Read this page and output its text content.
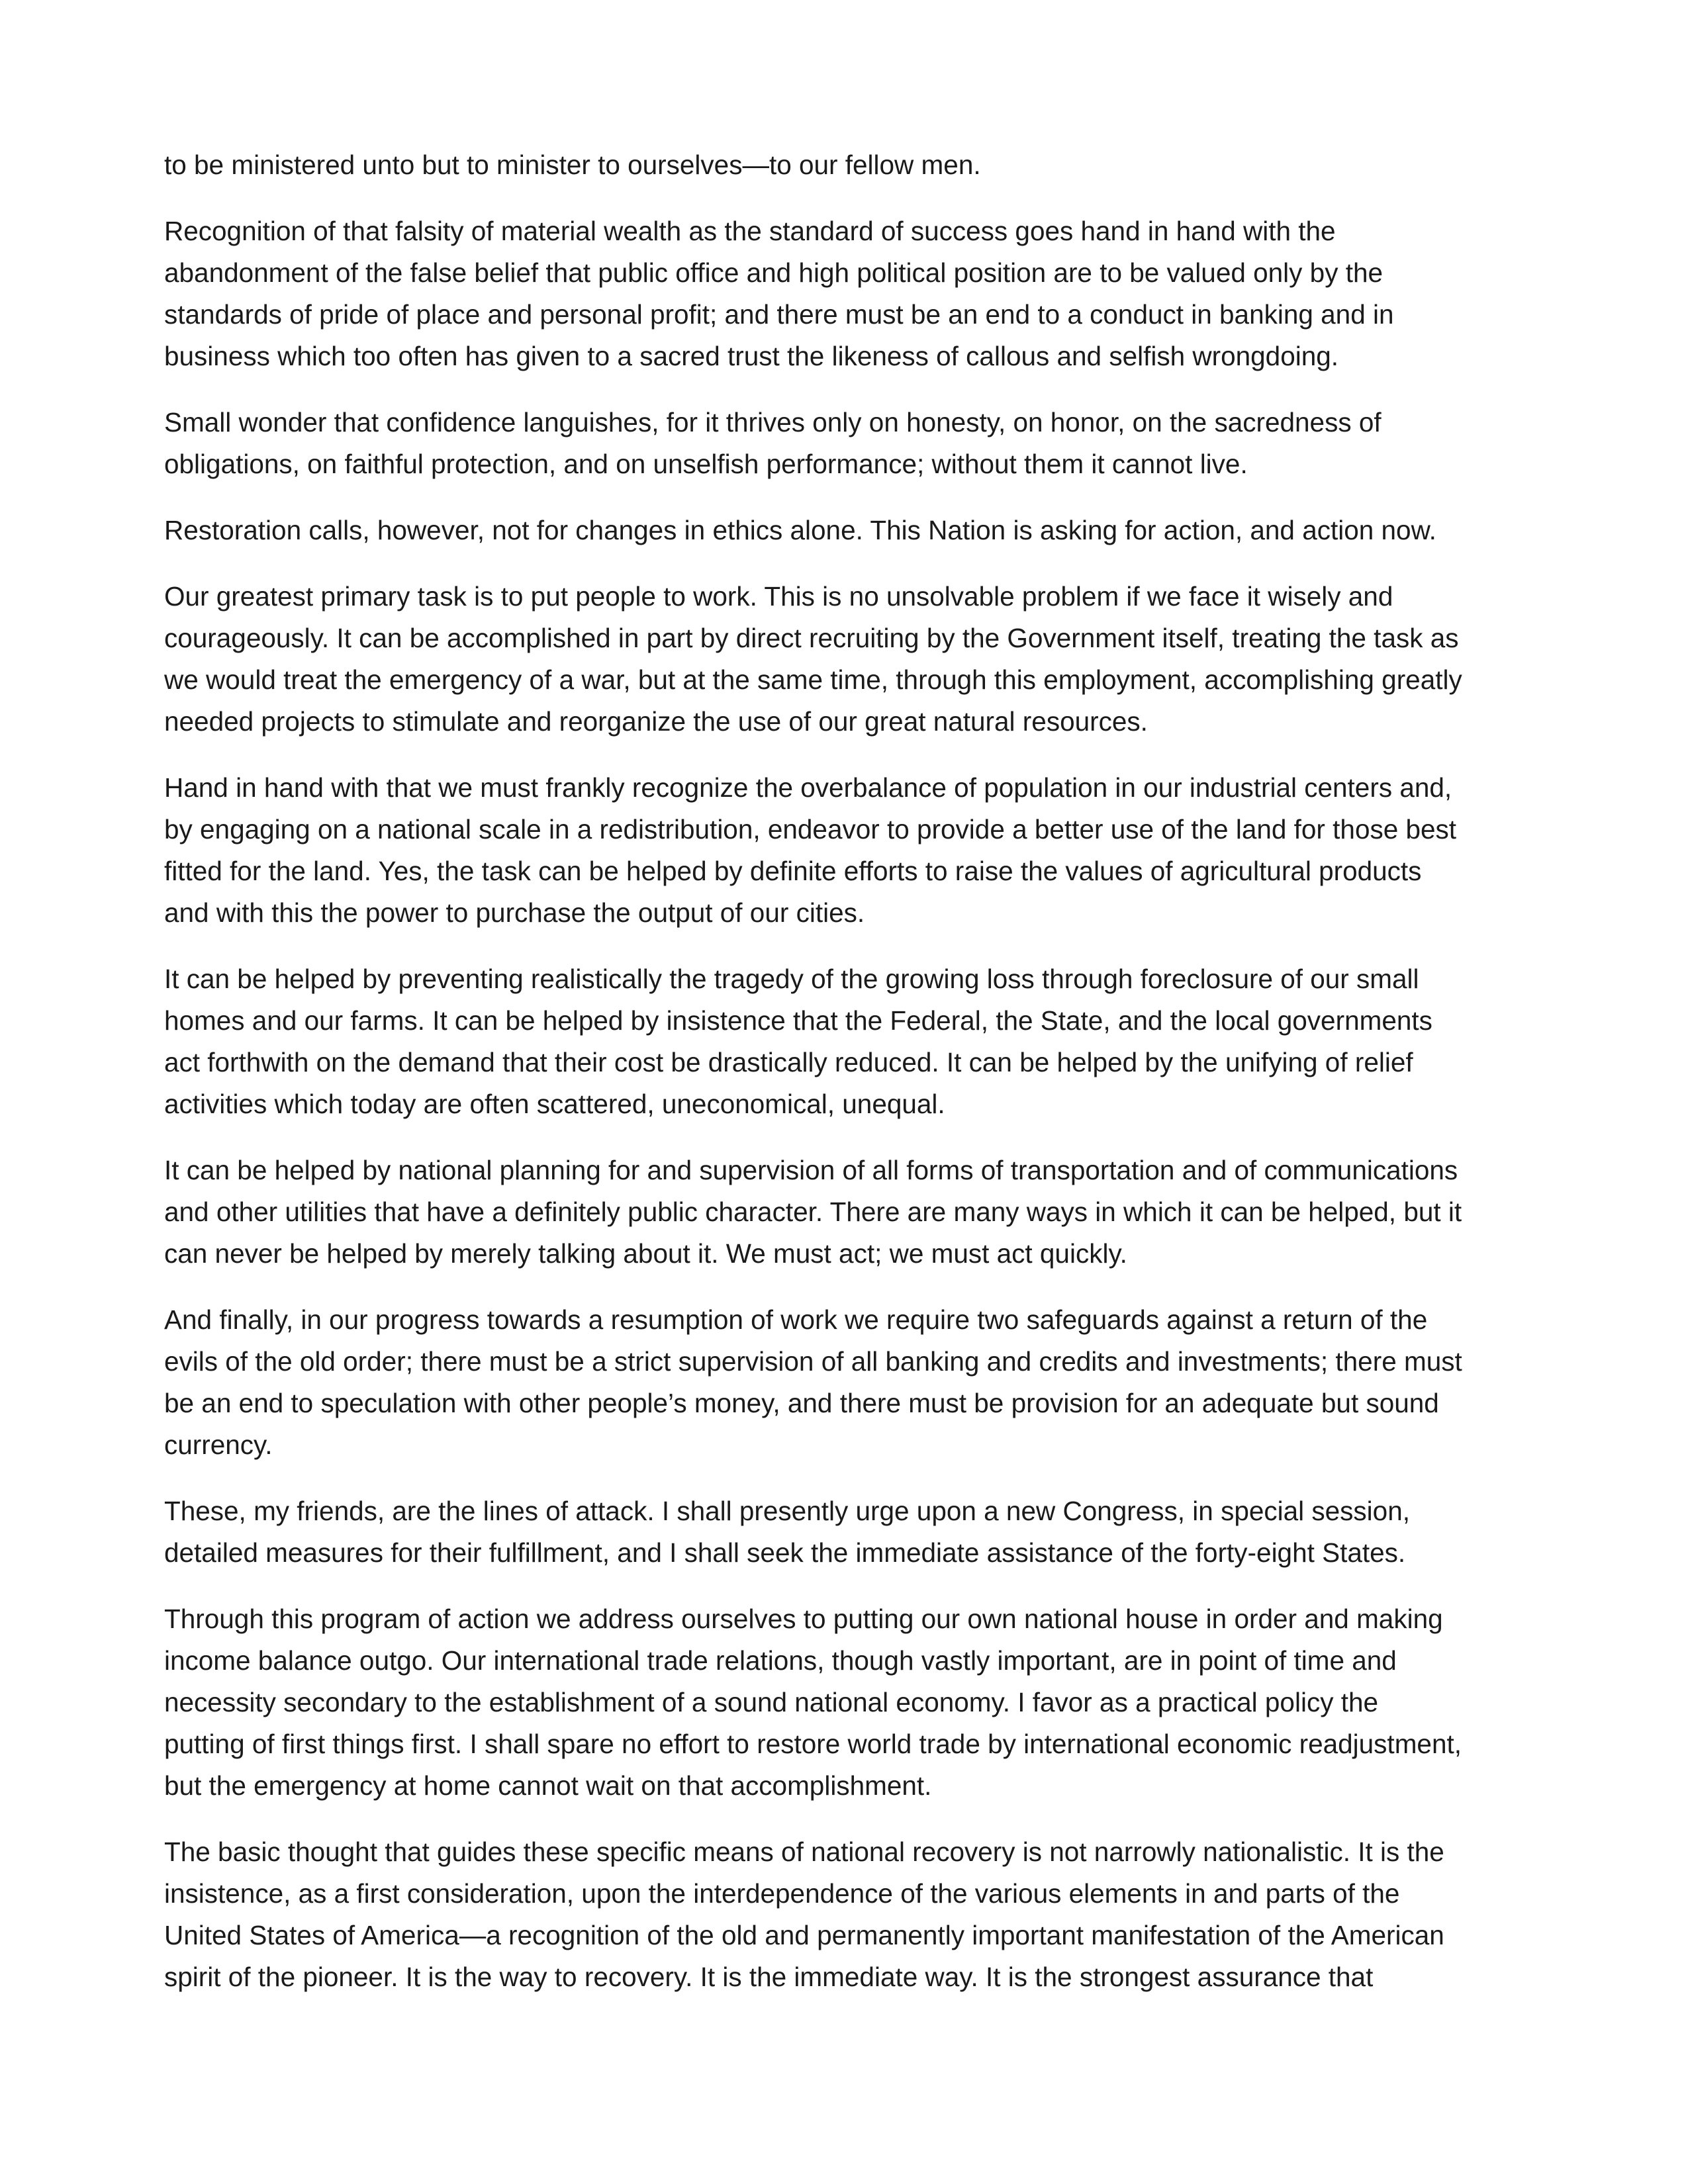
to be ministered unto but to minister to ourselves—to our fellow men.

Recognition of that falsity of material wealth as the standard of success goes hand in hand with the
abandonment of the false belief that public office and high political position are to be valued only by the
standards of pride of place and personal profit; and there must be an end to a conduct in banking and in
business which too often has given to a sacred trust the likeness of callous and selfish wrongdoing.

Small wonder that confidence languishes, for it thrives only on honesty, on honor, on the sacredness of
obligations, on faithful protection, and on unselfish performance; without them it cannot live.

Restoration calls, however, not for changes in ethics alone. This Nation is asking for action, and action now.

Our greatest primary task is to put people to work. This is no unsolvable problem if we face it wisely and
courageously. It can be accomplished in part by direct recruiting by the Government itself, treating the task as
we would treat the emergency of a war, but at the same time, through this employment, accomplishing greatly
needed projects to stimulate and reorganize the use of our great natural resources.

Hand in hand with that we must frankly recognize the overbalance of population in our industrial centers and,
by engaging on a national scale in a redistribution, endeavor to provide a better use of the land for those best
fitted for the land. Yes, the task can be helped by definite efforts to raise the values of agricultural products
and with this the power to purchase the output of our cities.

It can be helped by preventing realistically the tragedy of the growing loss through foreclosure of our small
homes and our farms. It can be helped by insistence that the Federal, the State, and the local governments
act forthwith on the demand that their cost be drastically reduced. It can be helped by the unifying of relief
activities which today are often scattered, uneconomical, unequal.

It can be helped by national planning for and supervision of all forms of transportation and of communications
and other utilities that have a definitely public character. There are many ways in which it can be helped, but it
can never be helped by merely talking about it. We must act; we must act quickly.

And finally, in our progress towards a resumption of work we require two safeguards against a return of the
evils of the old order; there must be a strict supervision of all banking and credits and investments; there must
be an end to speculation with other people’s money, and there must be provision for an adequate but sound
currency.

These, my friends, are the lines of attack. I shall presently urge upon a new Congress, in special session,
detailed measures for their fulfillment, and I shall seek the immediate assistance of the forty-eight States.

Through this program of action we address ourselves to putting our own national house in order and making
income balance outgo. Our international trade relations, though vastly important, are in point of time and
necessity secondary to the establishment of a sound national economy. I favor as a practical policy the
putting of first things first. I shall spare no effort to restore world trade by international economic readjustment,
but the emergency at home cannot wait on that accomplishment.

The basic thought that guides these specific means of national recovery is not narrowly nationalistic. It is the
insistence, as a first consideration, upon the interdependence of the various elements in and parts of the
United States of America—a recognition of the old and permanently important manifestation of the American
spirit of the pioneer. It is the way to recovery. It is the immediate way. It is the strongest assurance that
